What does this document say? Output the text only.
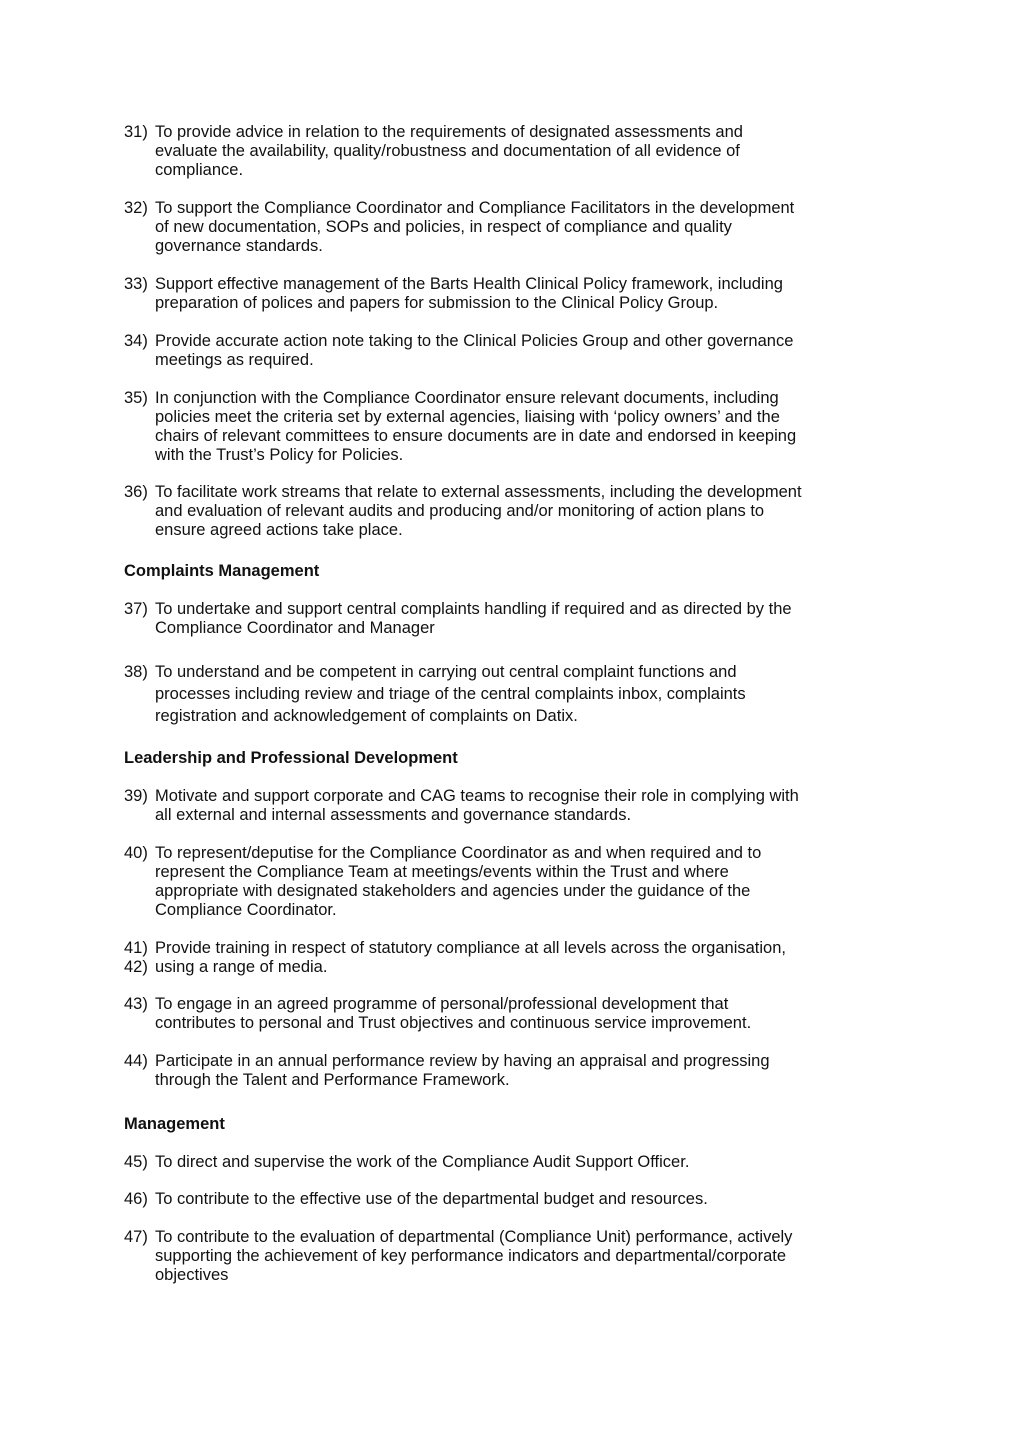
31) To provide advice in relation to the requirements of designated assessments and
evaluate the availability, quality/robustness and documentation of all evidence of
compliance.
32) To support the Compliance Coordinator and Compliance Facilitators in the development
of new documentation, SOPs and policies, in respect of compliance and quality
governance standards.
33) Support effective management of the Barts Health Clinical Policy framework, including
preparation of polices and papers for submission to the Clinical Policy Group.
34) Provide accurate action note taking to the Clinical Policies Group and other governance
meetings as required.
35) In conjunction with the Compliance Coordinator ensure relevant documents, including
policies meet the criteria set by external agencies, liaising with ‘policy owners’ and the
chairs of relevant committees to ensure documents are in date and endorsed in keeping
with the Trust’s Policy for Policies.
36) To facilitate work streams that relate to external assessments, including the development
and evaluation of relevant audits and producing and/or monitoring of action plans to
ensure agreed actions take place.
Complaints Management
37) To undertake and support central complaints handling if required and as directed by the
Compliance Coordinator and Manager
38) To understand and be competent in carrying out central complaint functions and
processes including review and triage of the central complaints inbox, complaints
registration and acknowledgement of complaints on Datix.
Leadership and Professional Development
39) Motivate and support corporate and CAG teams to recognise their role in complying with
all external and internal assessments and governance standards.
40) To represent/deputise for the Compliance Coordinator as and when required and to
represent the Compliance Team at meetings/events within the Trust and where
appropriate with designated stakeholders and agencies under the guidance of the
Compliance Coordinator.
41) Provide training in respect of statutory compliance at all levels across the organisation,
42) using a range of media.
43) To engage in an agreed programme of personal/professional development that
contributes to personal and Trust objectives and continuous service improvement.
44) Participate in an annual performance review by having an appraisal and progressing
through the Talent and Performance Framework.
Management
45) To direct and supervise the work of the Compliance Audit Support Officer.
46) To contribute to the effective use of the departmental budget and resources.
47) To contribute to the evaluation of departmental (Compliance Unit) performance, actively
supporting the achievement of key performance indicators and departmental/corporate
objectives
